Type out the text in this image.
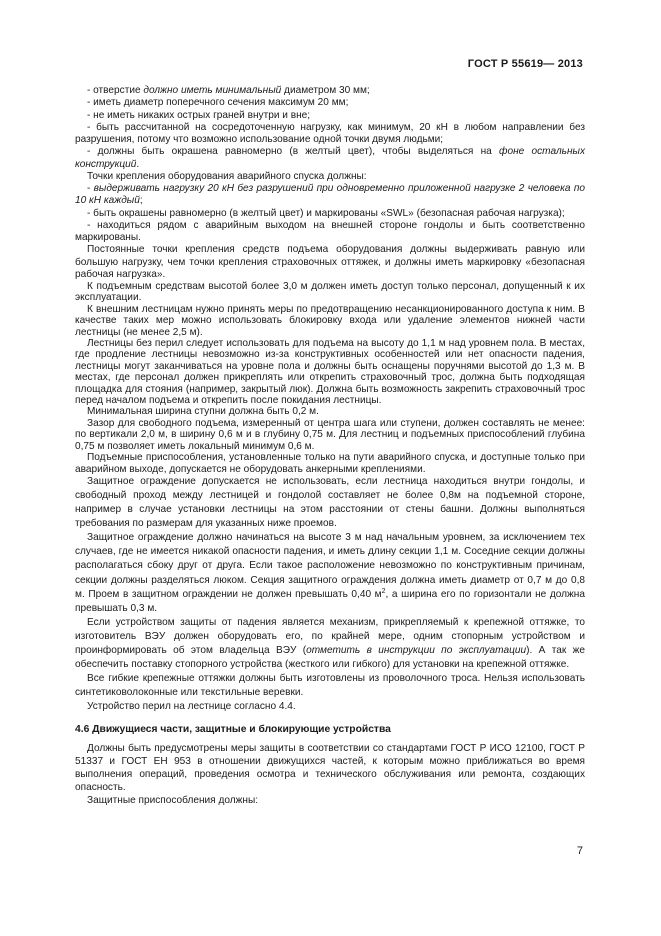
ГОСТ Р 55619— 2013

- отверстие должно иметь минимальный диаметром 30 мм;

- иметь диаметр поперечного сечения максимум 20 мм;

- не иметь никаких острых граней внутри и вне;

- быть рассчитанной на сосредоточенную нагрузку, как минимум, 20 кН в любом направлении без разрушения, потому что возможно использование одной точки двумя людьми;

- должны быть окрашена равномерно (в желтый цвет), чтобы выделяться на фоне остальных конструкций.

Точки крепления оборудования аварийного спуска должны:

- выдерживать нагрузку 20 кН без разрушений при одновременно приложенной нагрузке 2 человека по 10 кН каждый;

- быть окрашены равномерно (в желтый цвет) и маркированы «SWL» (безопасная рабочая нагрузка);

- находиться рядом с аварийным выходом на внешней стороне гондолы и быть соответственно маркированы.

Постоянные точки крепления средств подъема оборудования должны выдерживать равную или большую нагрузку, чем точки крепления страховочных оттяжек, и должны иметь маркировку «безопасная рабочая нагрузка».

К подъемным средствам высотой более 3,0 м должен иметь доступ только персонал, допущенный к их эксплуатации.

К внешним лестницам нужно принять меры по предотвращению несанкционированного доступа к ним. В качестве таких мер можно использовать блокировку входа или удаление элементов нижней части лестницы (не менее 2,5 м).

Лестницы без перил следует использовать для подъема на высоту до 1,1 м над уровнем пола. В местах, где продление лестницы невозможно из-за конструктивных особенностей или нет опасности падения, лестницы могут заканчиваться на уровне пола и должны быть оснащены поручнями высотой до 1,3 м. В местах, где персонал должен прикреплять или открепить страховочный трос, должна быть подходящая площадка для стояния (например, закрытый люк). Должна быть возможность закрепить страховочный трос перед началом подъема и открепить после покидания лестницы.

Минимальная ширина ступни должна быть 0,2 м.

Зазор для свободного подъема, измеренный от центра шага или ступени, должен составлять не менее: по вертикали 2,0 м, в ширину 0,6 м и в глубину 0,75 м. Для лестниц и подъемных приспособлений глубина 0,75 м позволяет иметь локальный минимум 0,6 м.

Подъемные приспособления, установленные только на пути аварийного спуска, и доступные только при аварийном выходе, допускается не оборудовать анкерными креплениями.

Защитное ограждение допускается не использовать, если лестница находиться внутри гондолы, и свободный проход между лестницей и гондолой составляет не более 0,8м на подъемной стороне, например в случае установки лестницы на этом расстоянии от стены башни. Должны выполняться требования по размерам для указанных ниже проемов.

Защитное ограждение должно начинаться на высоте 3 м над начальным уровнем, за исключением тех случаев, где не имеется никакой опасности падения, и иметь длину секции 1,1 м. Соседние секции должны располагаться сбоку друг от друга. Если такое расположение невозможно по конструктивным причинам, секции должны разделяться люком. Секция защитного ограждения должна иметь диаметр от 0,7 м до 0,8 м. Проем в защитном ограждении не должен превышать 0,40 $м^2$, а ширина его по горизонтали не должна превышать 0,3 м.

Если устройством защиты от падения является механизм, прикрепляемый к крепежной оттяжке, то изготовитель ВЭУ должен оборудовать его, по крайней мере, одним стопорным устройством и проинформировать об этом владельца ВЭУ (отметить в инструкции по эксплуатации). А так же обеспечить поставку стопорного устройства (жесткого или гибкого) для установки на крепежной оттяжке.

Все гибкие крепежные оттяжки должны быть изготовлены из проволочного троса. Нельзя использовать синтетиковолоконные или текстильные веревки.

Устройство перил на лестнице согласно 4.4.

4.6 Движущиеся части, защитные и блокирующие устройства

Должны быть предусмотрены меры защиты в соответствии со стандартами ГОСТ Р ИСО 12100, ГОСТ Р 51337 и ГОСТ ЕН 953 в отношении движущихся частей, к которым можно приближаться во время выполнения операций, проведения осмотра и технического обслуживания или ремонта, создающих опасность.

Защитные приспособления должны:

7
